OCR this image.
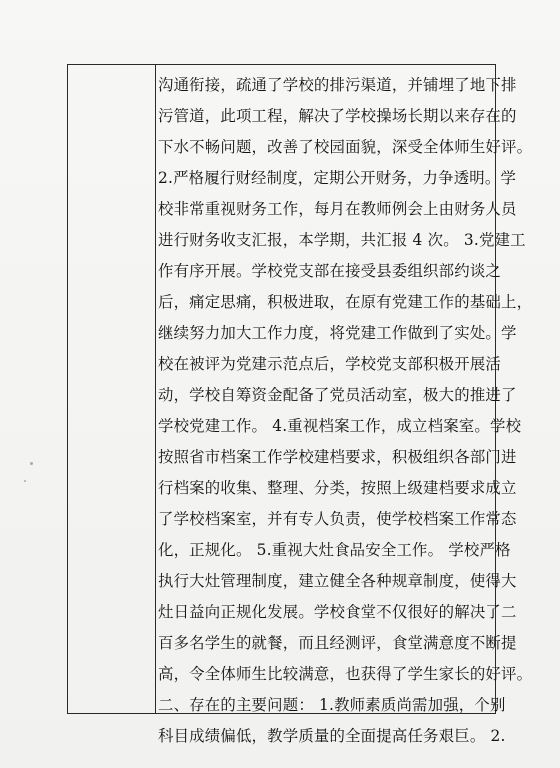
沟通衔接，疏通了学校的排污渠道，并铺埋了地下排
污管道，此项工程，解决了学校操场长期以来存在的
下水不畅问题，改善了校园面貌，深受全体师生好评。
2.严格履行财经制度，定期公开财务，力争透明。学
校非常重视财务工作，每月在教师例会上由财务人员
进行财务收支汇报，本学期，共汇报 4 次。 3.党建工
作有序开展。学校党支部在接受县委组织部约谈之
后，痛定思痛，积极进取，在原有党建工作的基础上，
继续努力加大工作力度，将党建工作做到了实处。学
校在被评为党建示范点后，学校党支部积极开展活
动，学校自筹资金配备了党员活动室，极大的推进了
学校党建工作。 4.重视档案工作，成立档案室。学校
按照省市档案工作学校建档要求，积极组织各部门进
行档案的收集、整理、分类，按照上级建档要求成立
了学校档案室，并有专人负责，使学校档案工作常态
化，正规化。 5.重视大灶食品安全工作。 学校严格
执行大灶管理制度，建立健全各种规章制度，使得大
灶日益向正规化发展。学校食堂不仅很好的解决了二
百多名学生的就餐，而且经测评，食堂满意度不断提
高，令全体师生比较满意，也获得了学生家长的好评。
二、存在的主要问题： 1.教师素质尚需加强，个别
科目成绩偏低，教学质量的全面提高任务艰巨。 2.
